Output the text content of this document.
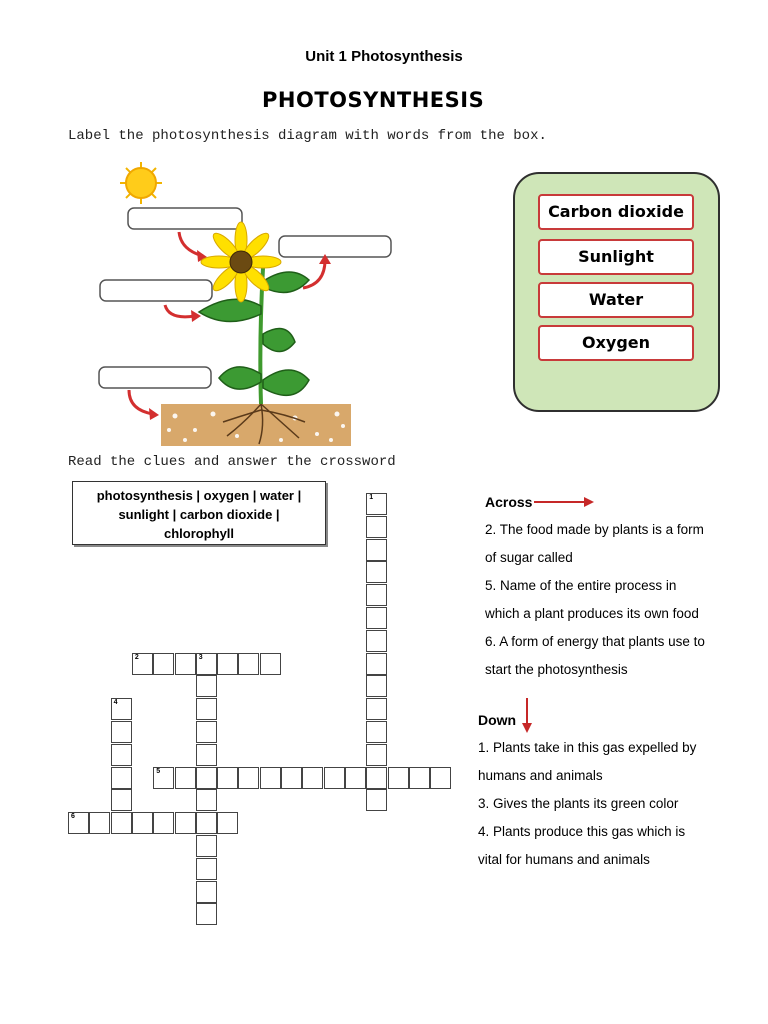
Unit 1 Photosynthesis
PHOTOSYNTHESIS
Label the photosynthesis diagram with words from the box.
Carbon dioxide
Sunlight
Water
Oxygen
Read the clues and answer the crossword
photosynthesis | oxygen | water |
sunlight | carbon dioxide |
chlorophyll
1
2	3
4
5
6
Across
2. The food made by plants is a form
of sugar called
5. Name of the entire process in
which a plant produces its own food
6. A form of energy that plants use to
start the photosynthesis
Down
1. Plants take in this gas expelled by
humans and animals
3. Gives the plants its green color
4. Plants produce this gas which is
vital for humans and animals
